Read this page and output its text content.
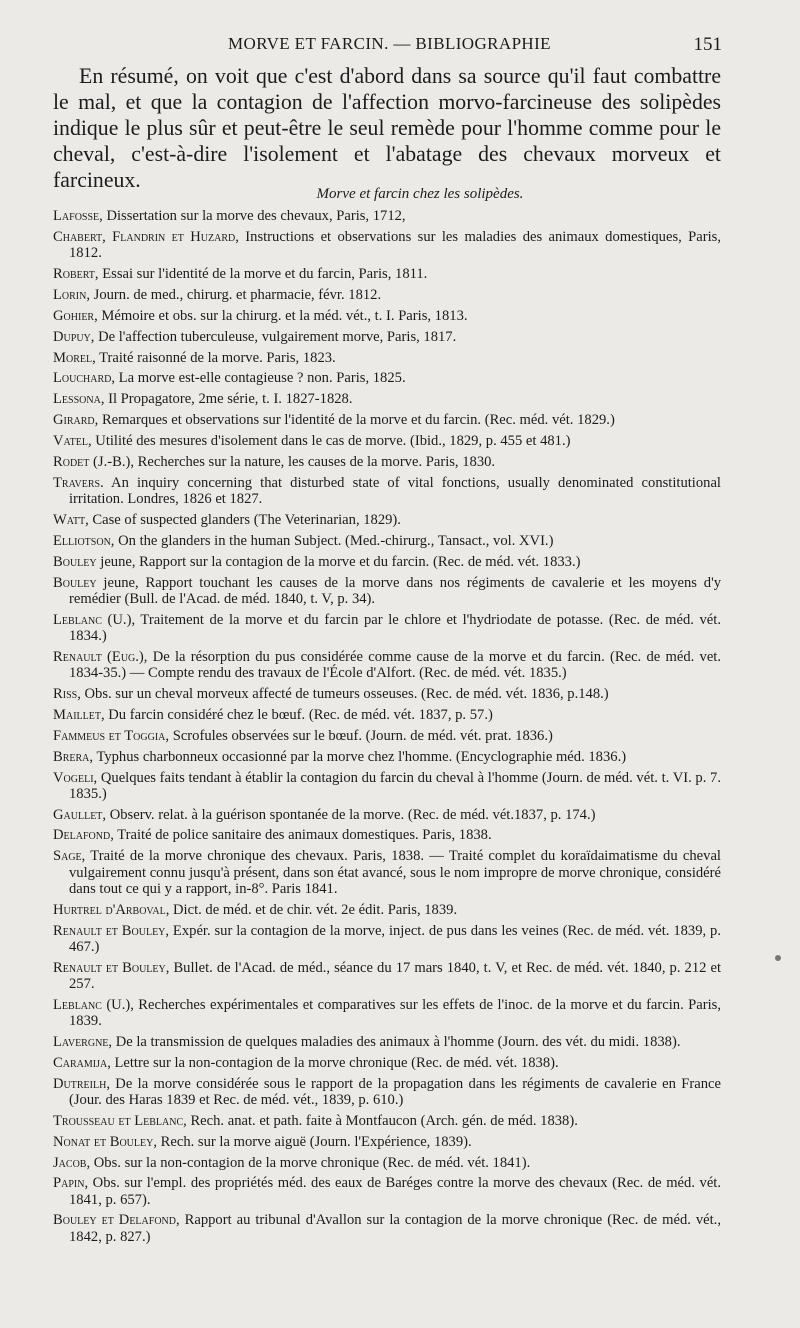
MORVE ET FARCIN. — BIBLIOGRAPHIE	151

En résumé, on voit que c'est d'abord dans sa source qu'il faut combattre le mal, et que la contagion de l'affection morvo-farcineuse des solipèdes indique le plus sûr et peut-être le seul remède pour l'homme comme pour le cheval, c'est-à-dire l'isolement et l'abatage des chevaux morveux et farcineux.

Morve et farcin chez les solipèdes.
Lafosse, Dissertation sur la morve des chevaux, Paris, 1712,
Chabert, Flandrin et Huzard, Instructions et observations sur les maladies des animaux domestiques, Paris, 1812.
Robert, Essai sur l'identité de la morve et du farcin, Paris, 1811.
Lorin, Journ. de med., chirurg. et pharmacie, févr. 1812.
Gohier, Mémoire et obs. sur la chirurg. et la méd. vét., t. I. Paris, 1813.
Dupuy, De l'affection tuberculeuse, vulgairement morve, Paris, 1817.
Morel, Traité raisonné de la morve. Paris, 1823.
Louchard, La morve est-elle contagieuse ? non. Paris, 1825.
Lessona, Il Propagatore, 2me série, t. I. 1827-1828.
Girard, Remarques et observations sur l'identité de la morve et du farcin. (Rec. méd. vét. 1829.)
Vatel, Utilité des mesures d'isolement dans le cas de morve. (Ibid., 1829, p. 455 et 481.)
Rodet (J.-B.), Recherches sur la nature, les causes de la morve. Paris, 1830.
Travers. An inquiry concerning that disturbed state of vital fonctions, usually denominated constitutional irritation. Londres, 1826 et 1827.
Watt, Case of suspected glanders (The Veterinarian, 1829).
Elliotson, On the glanders in the human Subject. (Med.-chirurg., Tansact., vol. XVI.)
Bouley jeune, Rapport sur la contagion de la morve et du farcin. (Rec. de méd. vét. 1833.)
Bouley jeune, Rapport touchant les causes de la morve dans nos régiments de cavalerie et les moyens d'y remédier (Bull. de l'Acad. de méd. 1840, t. V, p. 34).
Leblanc (U.), Traitement de la morve et du farcin par le chlore et l'hydriodate de potasse. (Rec. de méd. vét. 1834.)
Renault (Eug.), De la résorption du pus considérée comme cause de la morve et du farcin. (Rec. de méd. vet. 1834-35.) — Compte rendu des travaux de l'École d'Alfort. (Rec. de méd. vét. 1835.)
Riss, Obs. sur un cheval morveux affecté de tumeurs osseuses. (Rec. de méd. vét. 1836, p.148.)
Maillet, Du farcin considéré chez le bœuf. (Rec. de méd. vét. 1837, p. 57.)
Fammeus et Toggia, Scrofules observées sur le bœuf. (Journ. de méd. vét. prat. 1836.)
Brera, Typhus charbonneux occasionné par la morve chez l'homme. (Encyclographie méd. 1836.)
Vogeli, Quelques faits tendant à établir la contagion du farcin du cheval à l'homme (Journ. de méd. vét. t. VI. p. 7. 1835.)
Gaullet, Observ. relat. à la guérison spontanée de la morve. (Rec. de méd. vét.1837, p. 174.)
Delafond, Traité de police sanitaire des animaux domestiques. Paris, 1838.
Sage, Traité de la morve chronique des chevaux. Paris, 1838. — Traité complet du koraïdaimatisme du cheval vulgairement connu jusqu'à présent, dans son état avancé, sous le nom impropre de morve chronique, considéré dans tout ce qui y a rapport, in-8°. Paris 1841.
Hurtrel d'Arboval, Dict. de méd. et de chir. vét. 2e édit. Paris, 1839.
Renault et Bouley, Expér. sur la contagion de la morve, inject. de pus dans les veines (Rec. de méd. vét. 1839, p. 467.)
Renault et Bouley, Bullet. de l'Acad. de méd., séance du 17 mars 1840, t. V, et Rec. de méd. vét. 1840, p. 212 et 257.
Leblanc (U.), Recherches expérimentales et comparatives sur les effets de l'inoc. de la morve et du farcin. Paris, 1839.
Lavergne, De la transmission de quelques maladies des animaux à l'homme (Journ. des vét. du midi. 1838).
Caramija, Lettre sur la non-contagion de la morve chronique (Rec. de méd. vét. 1838).
Dutreilh, De la morve considérée sous le rapport de la propagation dans les régiments de cavalerie en France (Jour. des Haras 1839 et Rec. de méd. vét., 1839, p. 610.)
Trousseau et Leblanc, Rech. anat. et path. faite à Montfaucon (Arch. gén. de méd. 1838).
Nonat et Bouley, Rech. sur la morve aiguë (Journ. l'Expérience, 1839).
Jacob, Obs. sur la non-contagion de la morve chronique (Rec. de méd. vét. 1841).
Papin, Obs. sur l'empl. des propriétés méd. des eaux de Baréges contre la morve des chevaux (Rec. de méd. vét. 1841, p. 657).
Bouley et Delafond, Rapport au tribunal d'Avallon sur la contagion de la morve chronique (Rec. de méd. vét., 1842, p. 827.)
